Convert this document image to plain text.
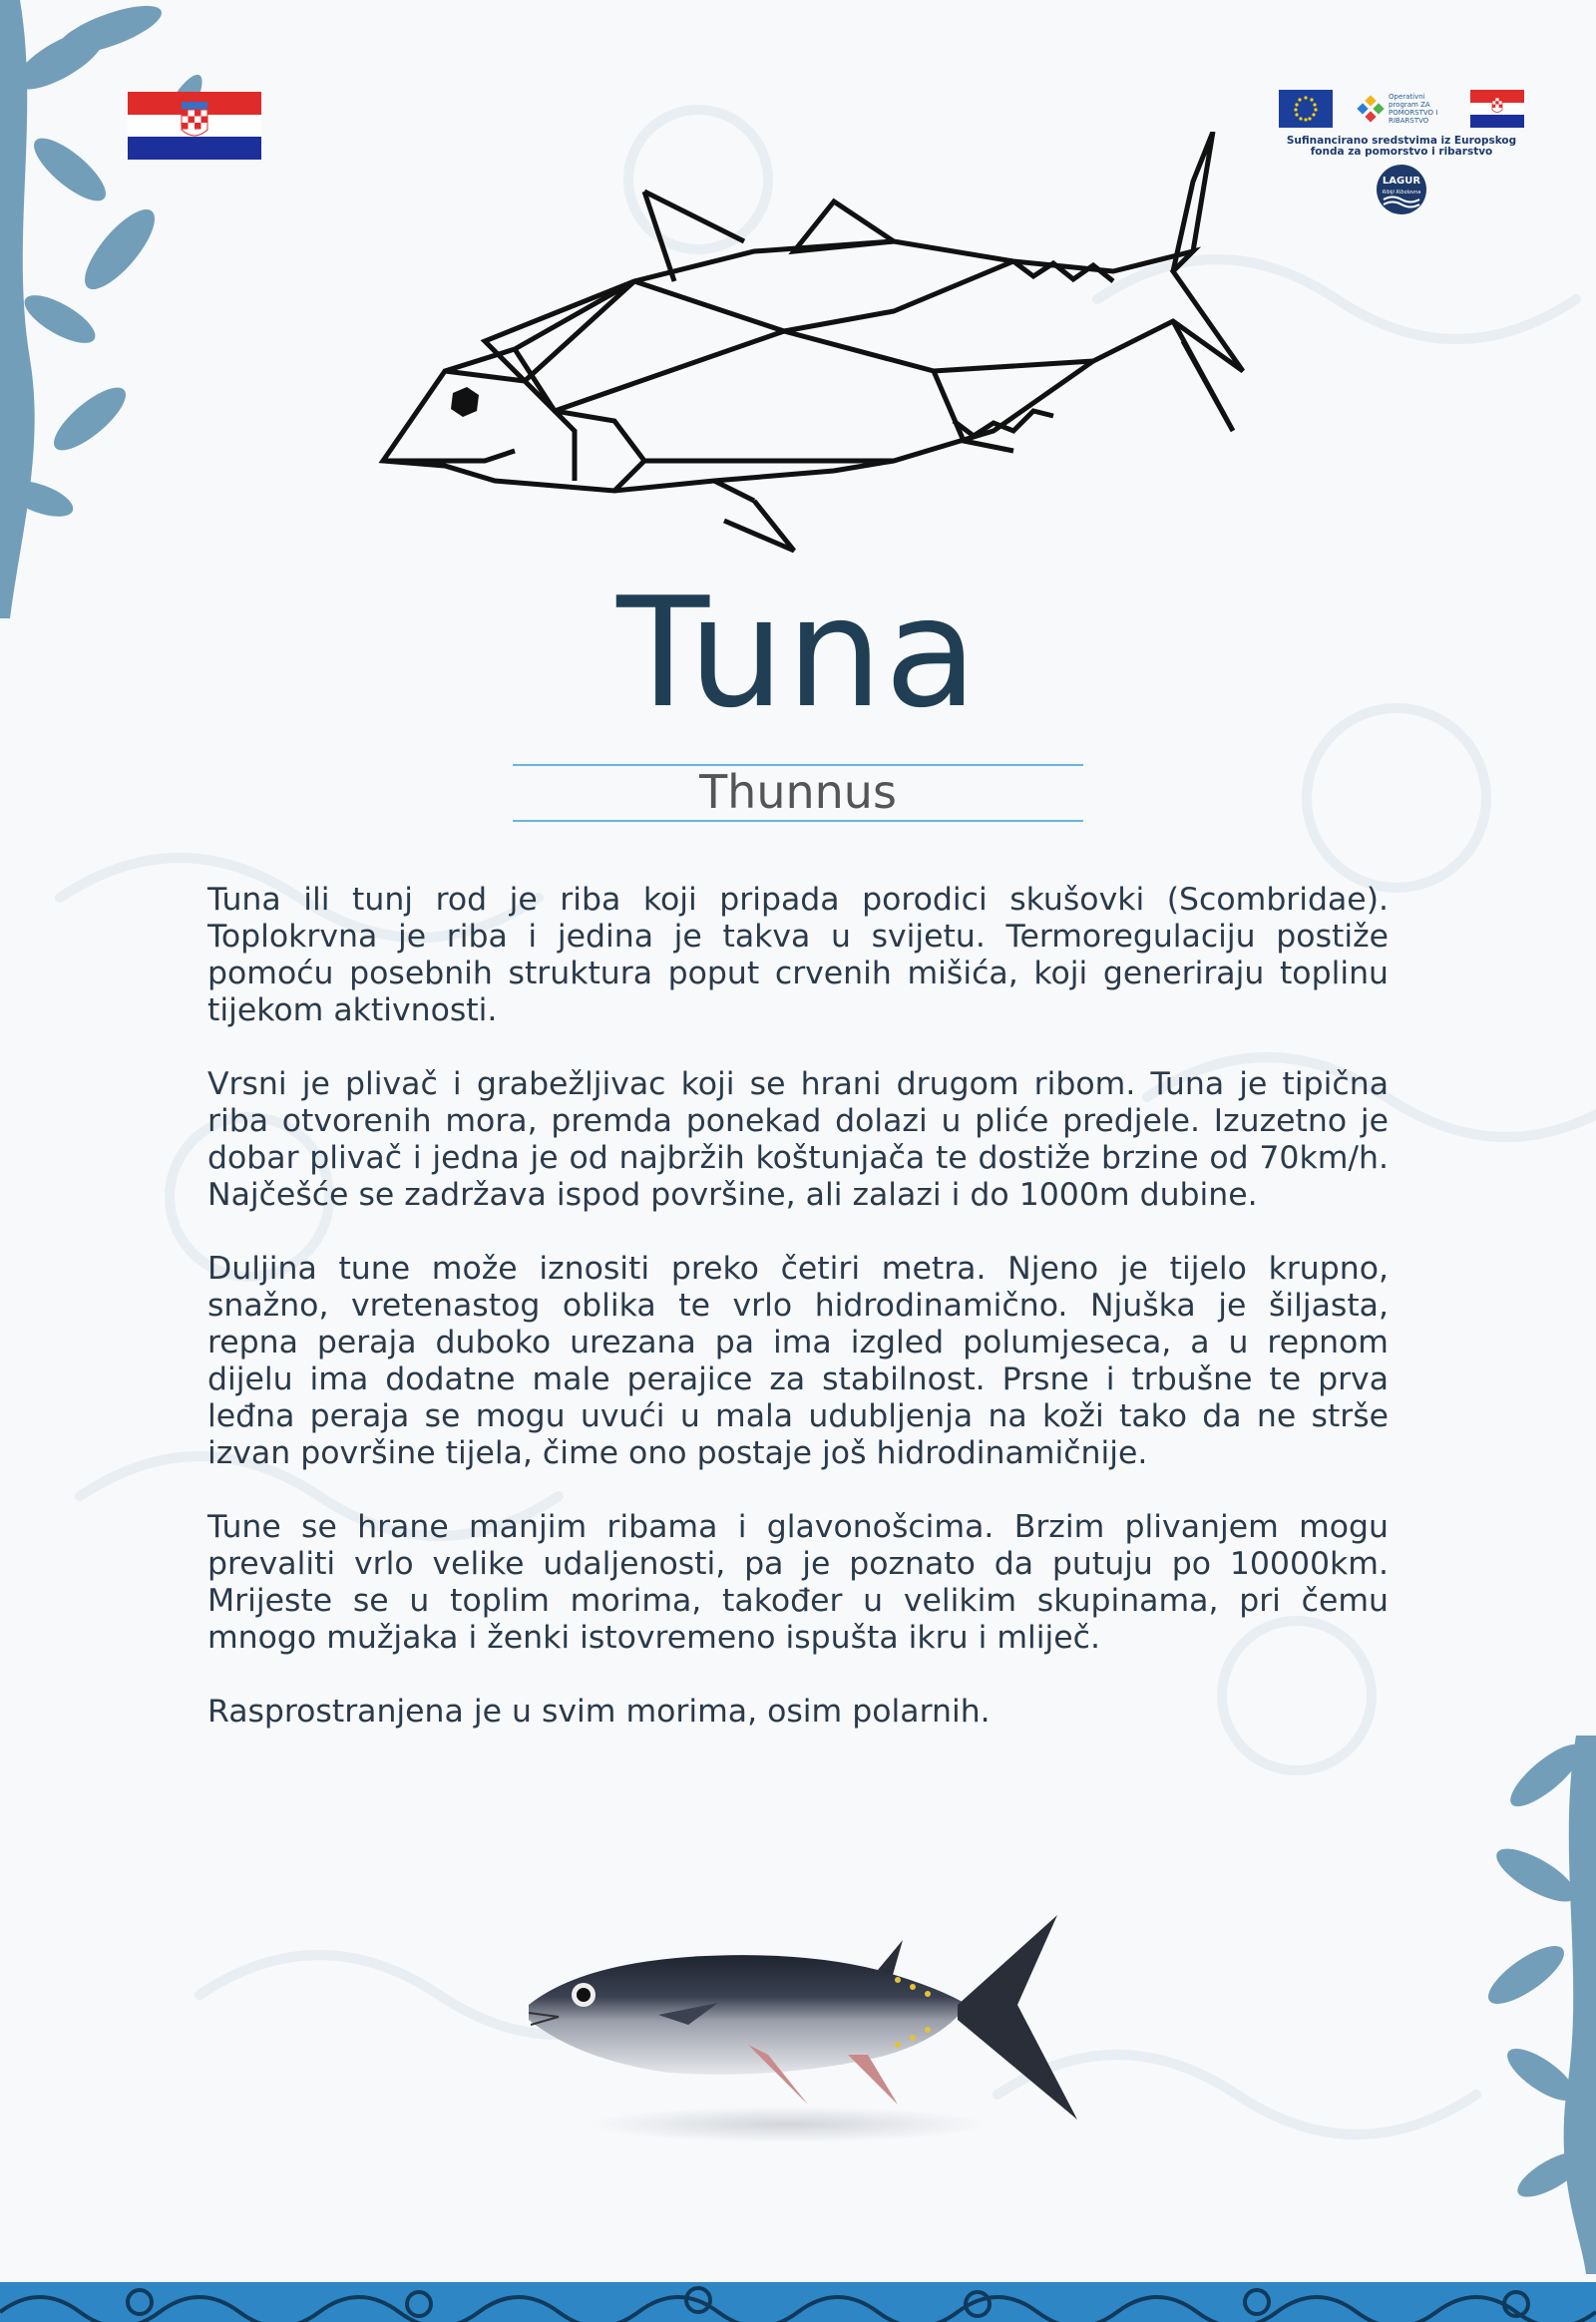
Operativni program ZA POMORSTVO I RIBARSTVO
Sufinancirano sredstvima iz Europskog fonda za pomorstvo i ribarstvo
LAGUR
Riblji Ribolovna
Tuna
Thunnus

Tuna ili tunj rod je riba koji pripada porodici skušovki (Scombridae). Toplokrvna je riba i jedina je takva u svijetu. Termoregulaciju postiže pomoću posebnih struktura poput crvenih mišića, koji generiraju toplinu tijekom aktivnosti.

Vrsni je plivač i grabežljivac koji se hrani drugom ribom. Tuna je tipična riba otvorenih mora, premda ponekad dolazi u pliće predjele. Izuzetno je dobar plivač i jedna je od najbržih koštunjača te dostiže brzine od 70km/h. Najčešće se zadržava ispod površine, ali zalazi i do 1000m dubine.

Duljina tune može iznositi preko četiri metra. Njeno je tijelo krupno, snažno, vretenastog oblika te vrlo hidrodinamično. Njuška je šiljasta, repna peraja duboko urezana pa ima izgled polumjeseca, a u repnom dijelu ima dodatne male perajice za stabilnost. Prsne i trbušne te prva leđna peraja se mogu uvući u mala udubljenja na koži tako da ne strše izvan površine tijela, čime ono postaje još hidrodinamičnije.

Tune se hrane manjim ribama i glavonošcima. Brzim plivanjem mogu prevaliti vrlo velike udaljenosti, pa je poznato da putuju po 10000km. Mrijeste se u toplim morima, također u velikim skupinama, pri čemu mnogo mužjaka i ženki istovremeno ispušta ikru i mliječ.

Rasprostranjena je u svim morima, osim polarnih.
